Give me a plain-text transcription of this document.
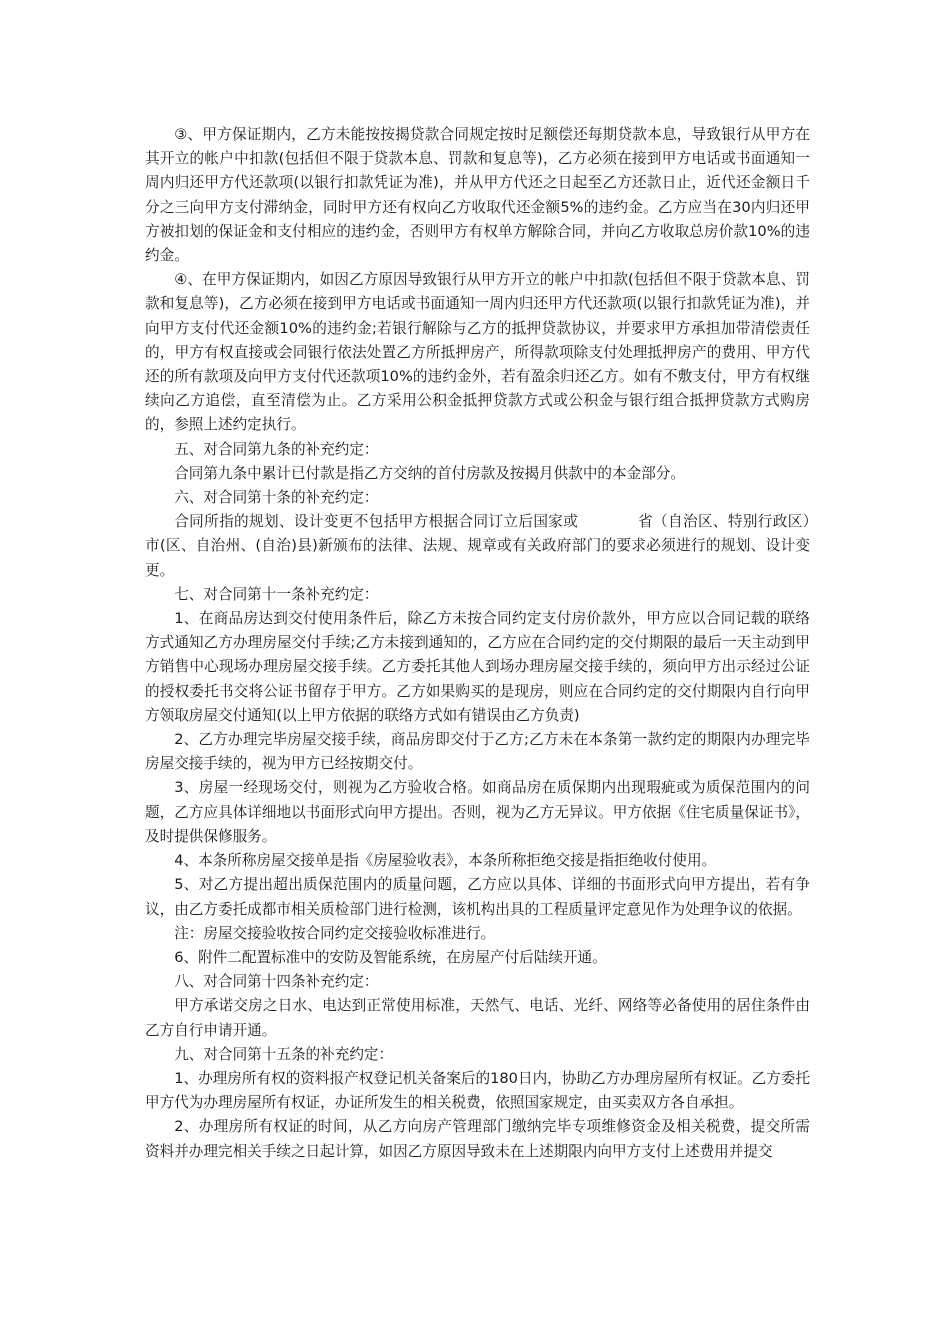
③、甲方保证期内，乙方未能按按揭贷款合同规定按时足额偿还每期贷款本息，导致银行从甲方在其开立的帐户中扣款(包括但不限于贷款本息、罚款和复息等)，乙方必须在接到甲方电话或书面通知一周内归还甲方代还款项(以银行扣款凭证为准)，并从甲方代还之日起至乙方还款日止，近代还金额日千分之三向甲方支付滞纳金，同时甲方还有权向乙方收取代还金额5%的违约金。乙方应当在30内归还甲方被扣划的保证金和支付相应的违约金，否则甲方有权单方解除合同，并向乙方收取总房价款10%的违约金。

④、在甲方保证期内，如因乙方原因导致银行从甲方开立的帐户中扣款(包括但不限于贷款本息、罚款和复息等)，乙方必须在接到甲方电话或书面通知一周内归还甲方代还款项(以银行扣款凭证为准)，并向甲方支付代还金额10%的违约金;若银行解除与乙方的抵押贷款协议，并要求甲方承担加带清偿责任的，甲方有权直接或会同银行依法处置乙方所抵押房产，所得款项除支付处理抵押房产的费用、甲方代还的所有款项及向甲方支付代还款项10%的违约金外，若有盈余归还乙方。如有不敷支付，甲方有权继续向乙方追偿，直至清偿为止。乙方采用公积金抵押贷款方式或公积金与银行组合抵押贷款方式购房的，参照上述约定执行。

五、对合同第九条的补充约定：

合同第九条中累计已付款是指乙方交纳的首付房款及按揭月供款中的本金部分。

六、对合同第十条的补充约定：

合同所指的规划、设计变更不包括甲方根据合同订立后国家或　　　　省（自治区、特别行政区）　　　市(区、自治州、(自治)县)新颁布的法律、法规、规章或有关政府部门的要求必须进行的规划、设计变更。

七、对合同第十一条补充约定：

1、在商品房达到交付使用条件后，除乙方未按合同约定支付房价款外，甲方应以合同记载的联络方式通知乙方办理房屋交付手续;乙方未接到通知的，乙方应在合同约定的交付期限的最后一天主动到甲方销售中心现场办理房屋交接手续。乙方委托其他人到场办理房屋交接手续的，须向甲方出示经过公证的授权委托书交将公证书留存于甲方。乙方如果购买的是现房，则应在合同约定的交付期限内自行向甲方领取房屋交付通知(以上甲方依据的联络方式如有错误由乙方负责)

2、乙方办理完毕房屋交接手续，商品房即交付于乙方;乙方未在本条第一款约定的期限内办理完毕房屋交接手续的，视为甲方已经按期交付。

3、房屋一经现场交付，则视为乙方验收合格。如商品房在质保期内出现瑕疵或为质保范围内的问题，乙方应具体详细地以书面形式向甲方提出。否则，视为乙方无异议。甲方依据《住宅质量保证书》，及时提供保修服务。

4、本条所称房屋交接单是指《房屋验收表》，本条所称拒绝交接是指拒绝收付使用。

5、对乙方提出超出质保范围内的质量问题，乙方应以具体、详细的书面形式向甲方提出，若有争议，由乙方委托成都市相关质检部门进行检测，该机构出具的工程质量评定意见作为处理争议的依据。

注：房屋交接验收按合同约定交接验收标准进行。

6、附件二配置标准中的安防及智能系统，在房屋产付后陆续开通。

八、对合同第十四条补充约定：

甲方承诺交房之日水、电达到正常使用标准，天然气、电话、光纤、网络等必备使用的居住条件由乙方自行申请开通。

九、对合同第十五条的补充约定：

1、办理房所有权的资料报产权登记机关备案后的180日内，协助乙方办理房屋所有权证。乙方委托甲方代为办理房屋所有权证，办证所发生的相关税费，依照国家规定，由买卖双方各自承担。

2、办理房所有权证的时间，从乙方向房产管理部门缴纳完毕专项维修资金及相关税费，提交所需资料并办理完相关手续之日起计算，如因乙方原因导致未在上述期限内向甲方支付上述费用并提交
